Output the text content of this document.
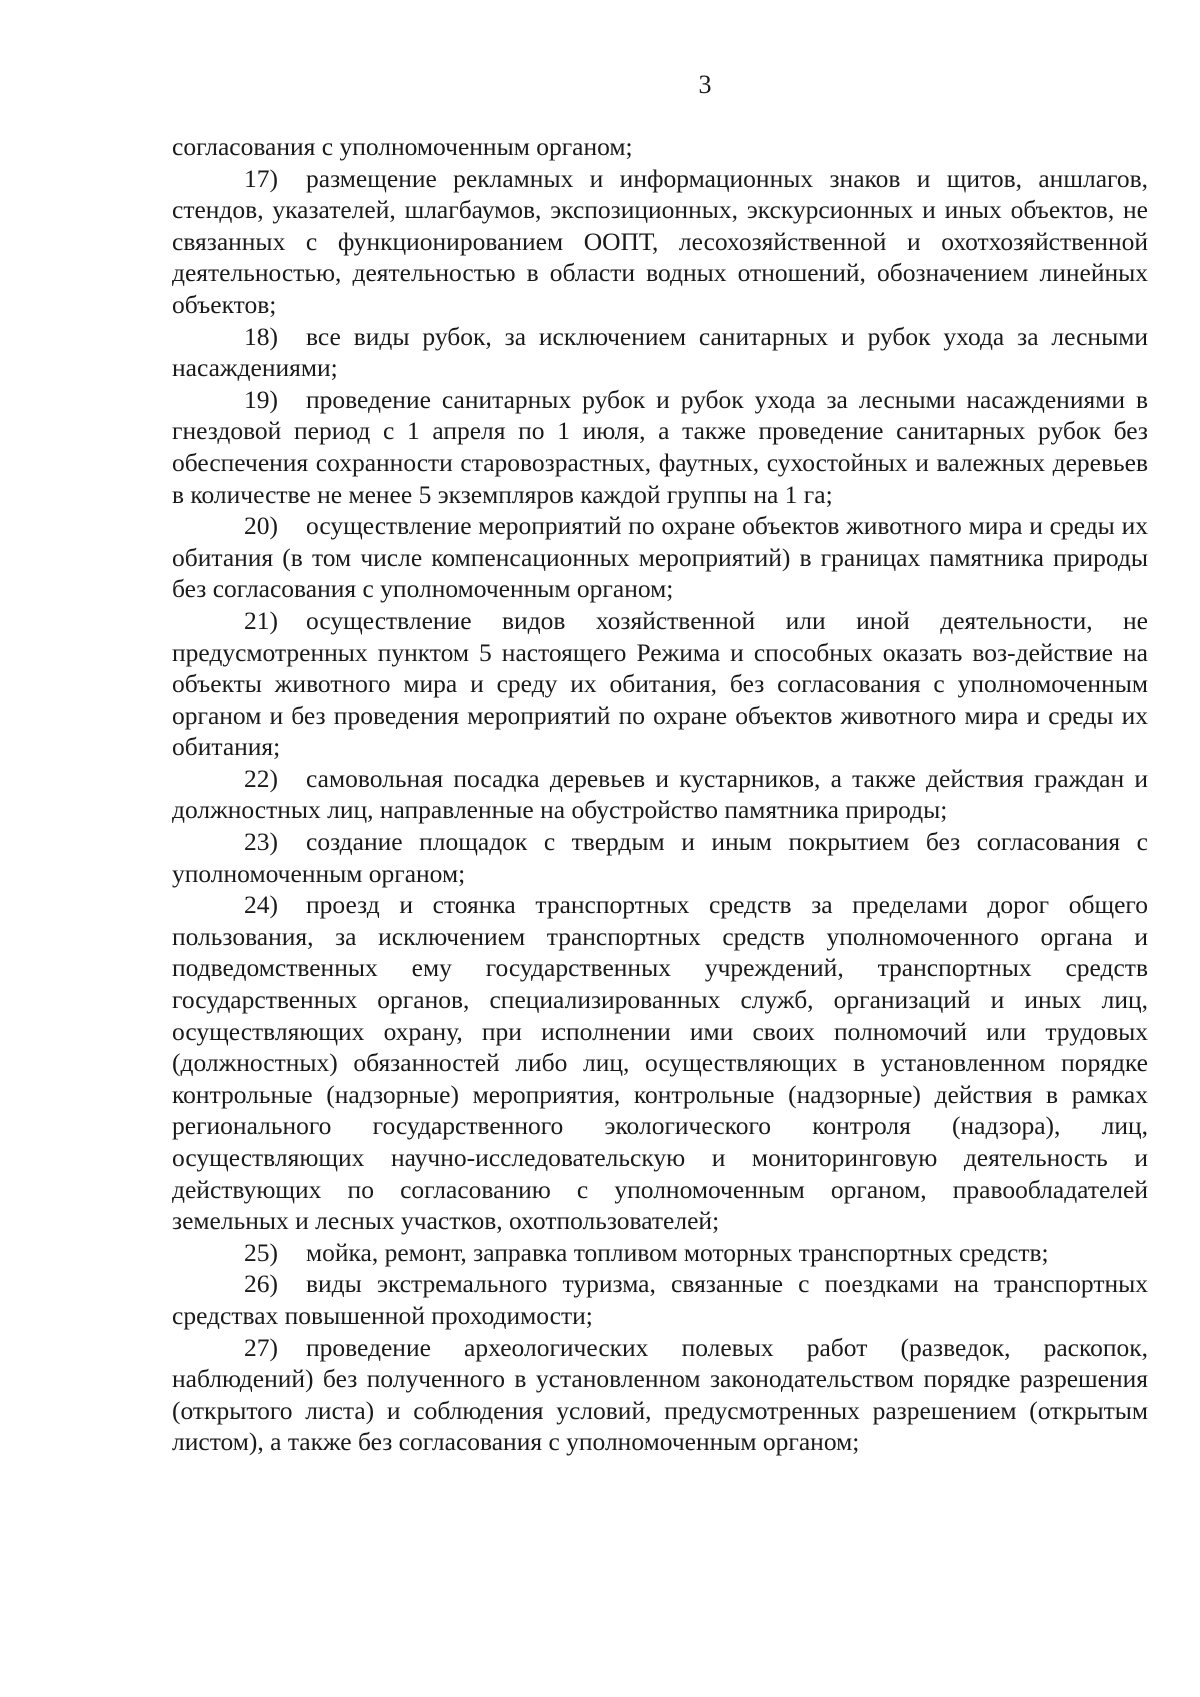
3

согласования с уполномоченным органом;

17) размещение рекламных и информационных знаков и щитов, аншлагов, стендов, указателей, шлагбаумов, экспозиционных, экскурсионных и иных объектов, не связанных с функционированием ООПТ, лесохозяйственной и охотхозяйственной деятельностью, деятельностью в области водных отношений, обозначением линейных объектов;

18) все виды рубок, за исключением санитарных и рубок ухода за лесными насаждениями;

19) проведение санитарных рубок и рубок ухода за лесными насаждениями в гнездовой период с 1 апреля по 1 июля, а также проведение санитарных рубок без обеспечения сохранности старовозрастных, фаутных, сухостойных и валежных деревьев в количестве не менее 5 экземпляров каждой группы на 1 га;

20) осуществление мероприятий по охране объектов животного мира и среды их обитания (в том числе компенсационных мероприятий) в границах памятника природы без согласования с уполномоченным органом;

21) осуществление видов хозяйственной или иной деятельности, не предусмотренных пунктом 5 настоящего Режима и способных оказать воз-действие на объекты животного мира и среду их обитания, без согласования с уполномоченным органом и без проведения мероприятий по охране объектов животного мира и среды их обитания;

22) самовольная посадка деревьев и кустарников, а также действия граждан и должностных лиц, направленные на обустройство памятника природы;

23) создание площадок с твердым и иным покрытием без согласования с уполномоченным органом;

24) проезд и стоянка транспортных средств за пределами дорог общего пользования, за исключением транспортных средств уполномоченного органа и подведомственных ему государственных учреждений, транспортных средств государственных органов, специализированных служб, организаций и иных лиц, осуществляющих охрану, при исполнении ими своих полномочий или трудовых (должностных) обязанностей либо лиц, осуществляющих в установленном порядке контрольные (надзорные) мероприятия, контрольные (надзорные) действия в рамках регионального государственного экологического контроля (надзора), лиц, осуществляющих научно-исследовательскую и мониторинговую деятельность и действующих по согласованию с уполномоченным органом, правообладателей земельных и лесных участков, охотпользователей;

25) мойка, ремонт, заправка топливом моторных транспортных средств;

26) виды экстремального туризма, связанные с поездками на транспортных средствах повышенной проходимости;

27) проведение археологических полевых работ (разведок, раскопок, наблюдений) без полученного в установленном законодательством порядке разрешения (открытого листа) и соблюдения условий, предусмотренных разрешением (открытым листом), а также без согласования с уполномоченным органом;
